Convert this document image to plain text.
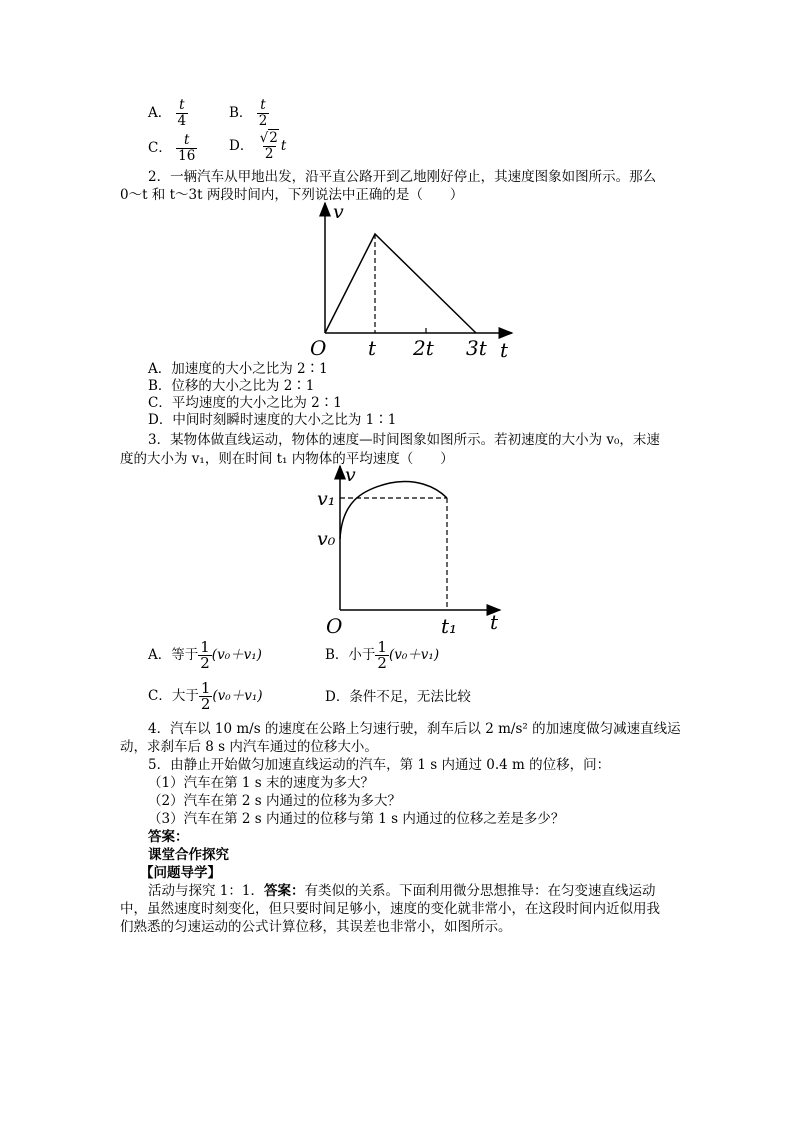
A． $\frac{t}{4}$	B． $\frac{t}{2}$
C． $\frac{t}{16}$ D． $\frac{√2}{2}$ t
2．一辆汽车从甲地出发，沿平直公路开到乙地刚好停止，其速度图象如图所示。那么
0～t 和 t～3t 两段时间内，下列说法中正确的是（　　）
v
O t 2t 3t t
A．加速度的大小之比为 2∶1
B．位移的大小之比为 2∶1
C．平均速度的大小之比为 2∶1
D．中间时刻瞬时速度的大小之比为 1∶1
3．某物体做直线运动，物体的速度—时间图象如图所示。若初速度的大小为 v₀，末速
度的大小为 v₁，则在时间 t₁ 内物体的平均速度（　　）
v
v₁
v₀
O	t₁ t
A．等于 $\frac{1}{2} (v_0+v_1)$	B．小于 $\frac{1}{2} (v_0+v_1)$
C．大于 $\frac{1}{2} (v_0+v_1)$	D．条件不足，无法比较
4．汽车以 10 m/s 的速度在公路上匀速行驶，刹车后以 2 m/s² 的加速度做匀减速直线运
动，求刹车后 8 s 内汽车通过的位移大小。
5．由静止开始做匀加速直线运动的汽车，第 1 s 内通过 0.4 m 的位移，问：
（1）汽车在第 1 s 末的速度为多大？
（2）汽车在第 2 s 内通过的位移为多大？
（3）汽车在第 2 s 内通过的位移与第 1 s 内通过的位移之差是多少？
答案：
课堂合作探究
【问题导学】
活动与探究 1：1．答案：有类似的关系。下面利用微分思想推导：在匀变速直线运动
中，虽然速度时刻变化，但只要时间足够小，速度的变化就非常小，在这段时间内近似用我
们熟悉的匀速运动的公式计算位移，其误差也非常小，如图所示。
